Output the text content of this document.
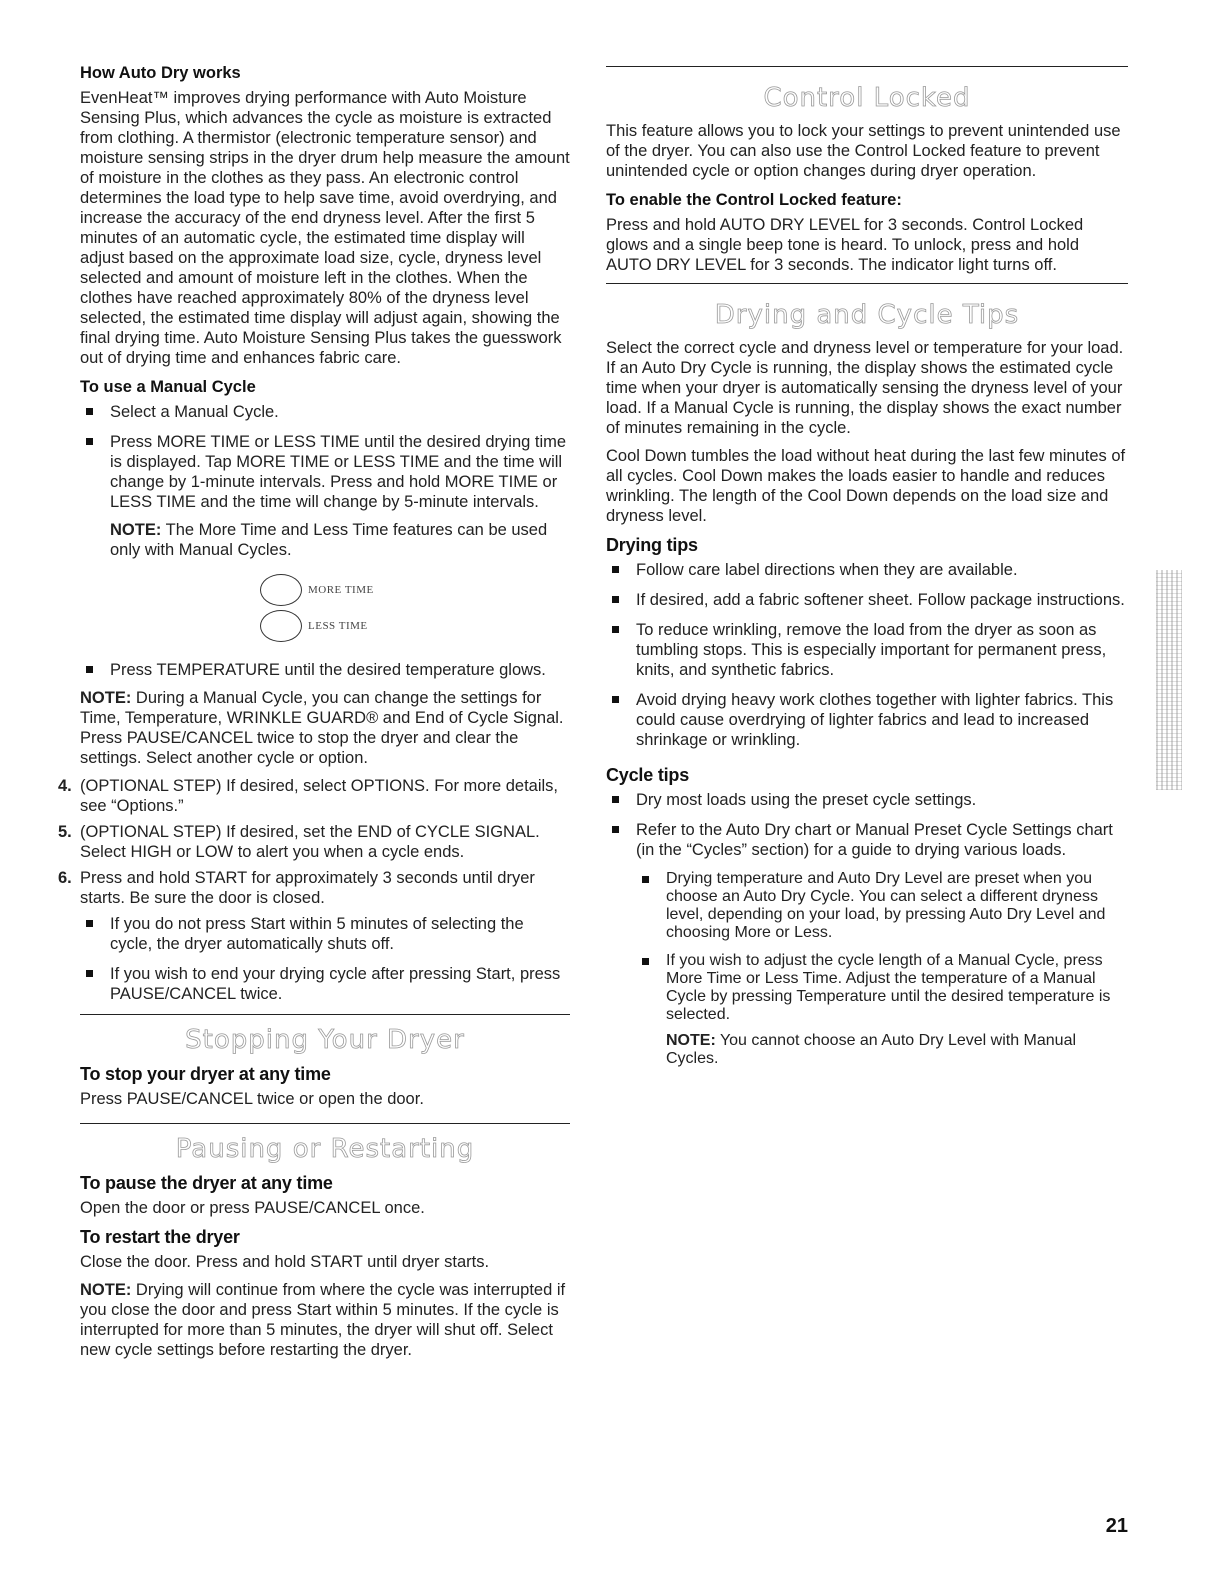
How Auto Dry works

EvenHeat™ improves drying performance with Auto Moisture Sensing Plus, which advances the cycle as moisture is extracted from clothing. A thermistor (electronic temperature sensor) and moisture sensing strips in the dryer drum help measure the amount of moisture in the clothes as they pass. An electronic control determines the load type to help save time, avoid overdrying, and increase the accuracy of the end dryness level. After the first 5 minutes of an automatic cycle, the estimated time display will adjust based on the approximate load size, cycle, dryness level selected and amount of moisture left in the clothes. When the clothes have reached approximately 80% of the dryness level selected, the estimated time display will adjust again, showing the final drying time. Auto Moisture Sensing Plus takes the guesswork out of drying time and enhances fabric care.

To use a Manual Cycle
Select a Manual Cycle.
Press MORE TIME or LESS TIME until the desired drying time is displayed. Tap MORE TIME or LESS TIME and the time will change by 1-minute intervals. Press and hold MORE TIME or LESS TIME and the time will change by 5-minute intervals.

NOTE: The More Time and Less Time features can be used only with Manual Cycles.

MORE TIME
LESS TIME
Press TEMPERATURE until the desired temperature glows.

NOTE: During a Manual Cycle, you can change the settings for Time, Temperature, WRINKLE GUARD® and End of Cycle Signal. Press PAUSE/CANCEL twice to stop the dryer and clear the settings. Select another cycle or option.

4. (OPTIONAL STEP) If desired, select OPTIONS. For more details, see “Options.”
5. (OPTIONAL STEP) If desired, set the END of CYCLE SIGNAL. Select HIGH or LOW to alert you when a cycle ends.
6. Press and hold START for approximately 3 seconds until dryer starts. Be sure the door is closed.
If you do not press Start within 5 minutes of selecting the cycle, the dryer automatically shuts off.
If you wish to end your drying cycle after pressing Start, press PAUSE/CANCEL twice.
Stopping Your Dryer
To stop your dryer at any time

Press PAUSE/CANCEL twice or open the door.

Pausing or Restarting
To pause the dryer at any time

Open the door or press PAUSE/CANCEL once.

To restart the dryer

Close the door. Press and hold START until dryer starts.

NOTE: Drying will continue from where the cycle was interrupted if you close the door and press Start within 5 minutes. If the cycle is interrupted for more than 5 minutes, the dryer will shut off. Select new cycle settings before restarting the dryer.

Control Locked

This feature allows you to lock your settings to prevent unintended use of the dryer. You can also use the Control Locked feature to prevent unintended cycle or option changes during dryer operation.

To enable the Control Locked feature:

Press and hold AUTO DRY LEVEL for 3 seconds. Control Locked glows and a single beep tone is heard. To unlock, press and hold AUTO DRY LEVEL for 3 seconds. The indicator light turns off.

Drying and Cycle Tips

Select the correct cycle and dryness level or temperature for your load. If an Auto Dry Cycle is running, the display shows the estimated cycle time when your dryer is automatically sensing the dryness level of your load. If a Manual Cycle is running, the display shows the exact number of minutes remaining in the cycle.

Cool Down tumbles the load without heat during the last few minutes of all cycles. Cool Down makes the loads easier to handle and reduces wrinkling. The length of the Cool Down depends on the load size and dryness level.

Drying tips
Follow care label directions when they are available.
If desired, add a fabric softener sheet. Follow package instructions.
To reduce wrinkling, remove the load from the dryer as soon as tumbling stops. This is especially important for permanent press, knits, and synthetic fabrics.
Avoid drying heavy work clothes together with lighter fabrics. This could cause overdrying of lighter fabrics and lead to increased shrinkage or wrinkling.
Cycle tips
Dry most loads using the preset cycle settings.
Refer to the Auto Dry chart or Manual Preset Cycle Settings chart (in the “Cycles” section) for a guide to drying various loads.
Drying temperature and Auto Dry Level are preset when you choose an Auto Dry Cycle. You can select a different dryness level, depending on your load, by pressing Auto Dry Level and choosing More or Less.
If you wish to adjust the cycle length of a Manual Cycle, press More Time or Less Time. Adjust the temperature of a Manual Cycle by pressing Temperature until the desired temperature is selected.

NOTE: You cannot choose an Auto Dry Level with Manual Cycles.

21
